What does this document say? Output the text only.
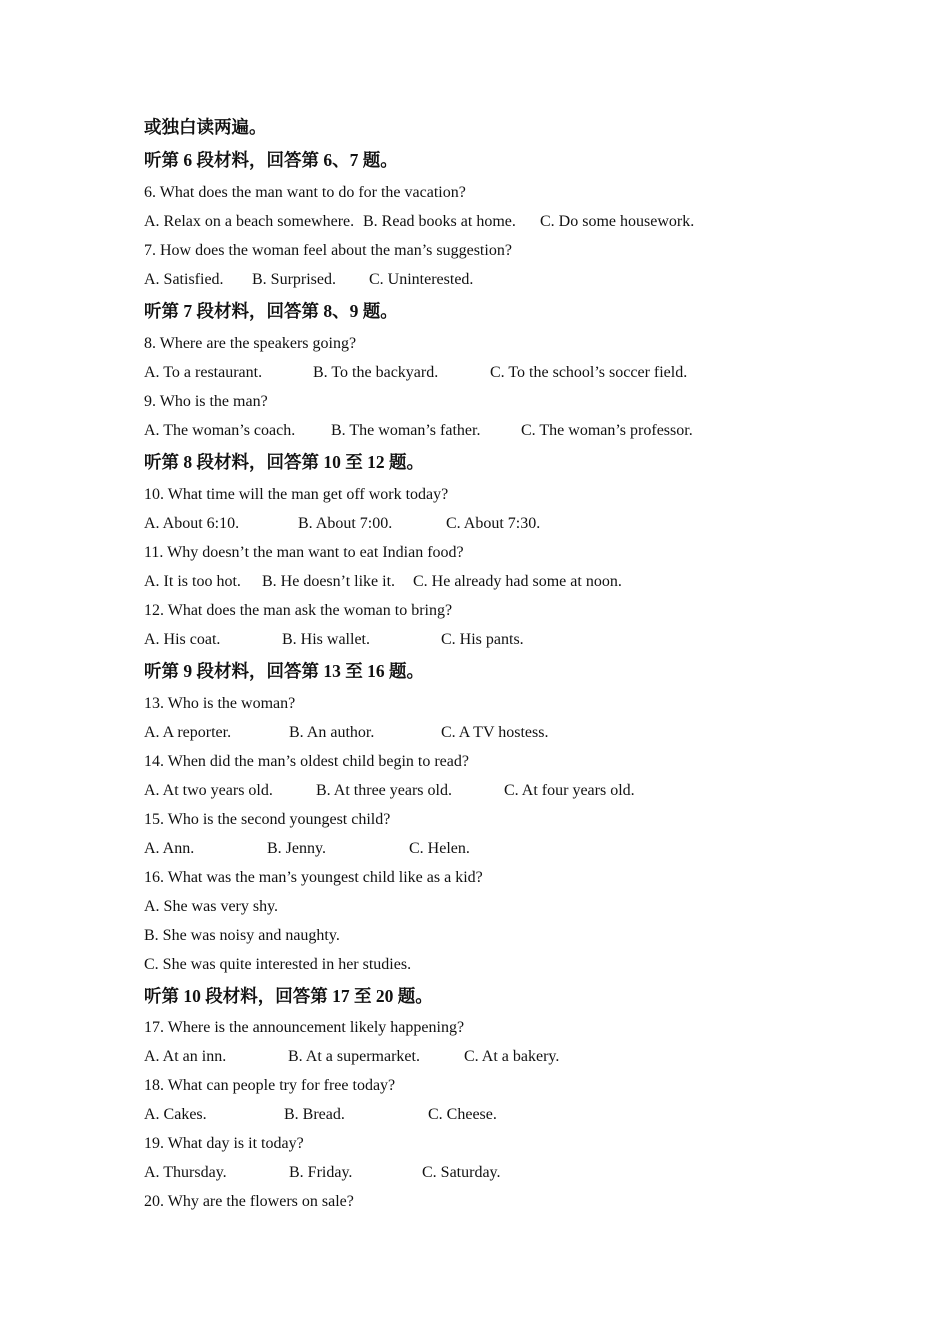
或独白读两遍。
听第 6 段材料，回答第 6、7 题。
6. What does the man want to do for the vacation?
A. Relax on a beach somewhere. B. Read books at home. C. Do some housework.
7. How does the woman feel about the man’s suggestion?
A. Satisfied. B. Surprised. C. Uninterested.
听第 7 段材料，回答第 8、9 题。
8. Where are the speakers going?
A. To a restaurant.	B. To the backyard.	C. To the school’s soccer field.
9. Who is the man?
A. The woman’s coach. B. The woman’s father.	C. The woman’s professor.
听第 8 段材料，回答第 10 至 12 题。
10. What time will the man get off work today?
A. About 6:10.	B. About 7:00.	C. About 7:30.
11. Why doesn’t the man want to eat Indian food?
A. It is too hot. B. He doesn’t like it. C. He already had some at noon.
12. What does the man ask the woman to bring?
A. His coat.	B. His wallet.	C. His pants.
听第 9 段材料，回答第 13 至 16 题。
13. Who is the woman?
A. A reporter.	B. An author.	C. A TV hostess.
14. When did the man’s oldest child begin to read?
A. At two years old.	B. At three years old.	C. At four years old.
15. Who is the second youngest child?
A. Ann.	B. Jenny.	C. Helen.
16. What was the man’s youngest child like as a kid?
A. She was very shy.
B. She was noisy and naughty.
C. She was quite interested in her studies.
听第 10 段材料，回答第 17 至 20 题。
17. Where is the announcement likely happening?
A. At an inn.	B. At a supermarket.	C. At a bakery.
18. What can people try for free today?
A. Cakes.	B. Bread.	C. Cheese.
19. What day is it today?
A. Thursday.	B. Friday.	C. Saturday.
20. Why are the flowers on sale?
